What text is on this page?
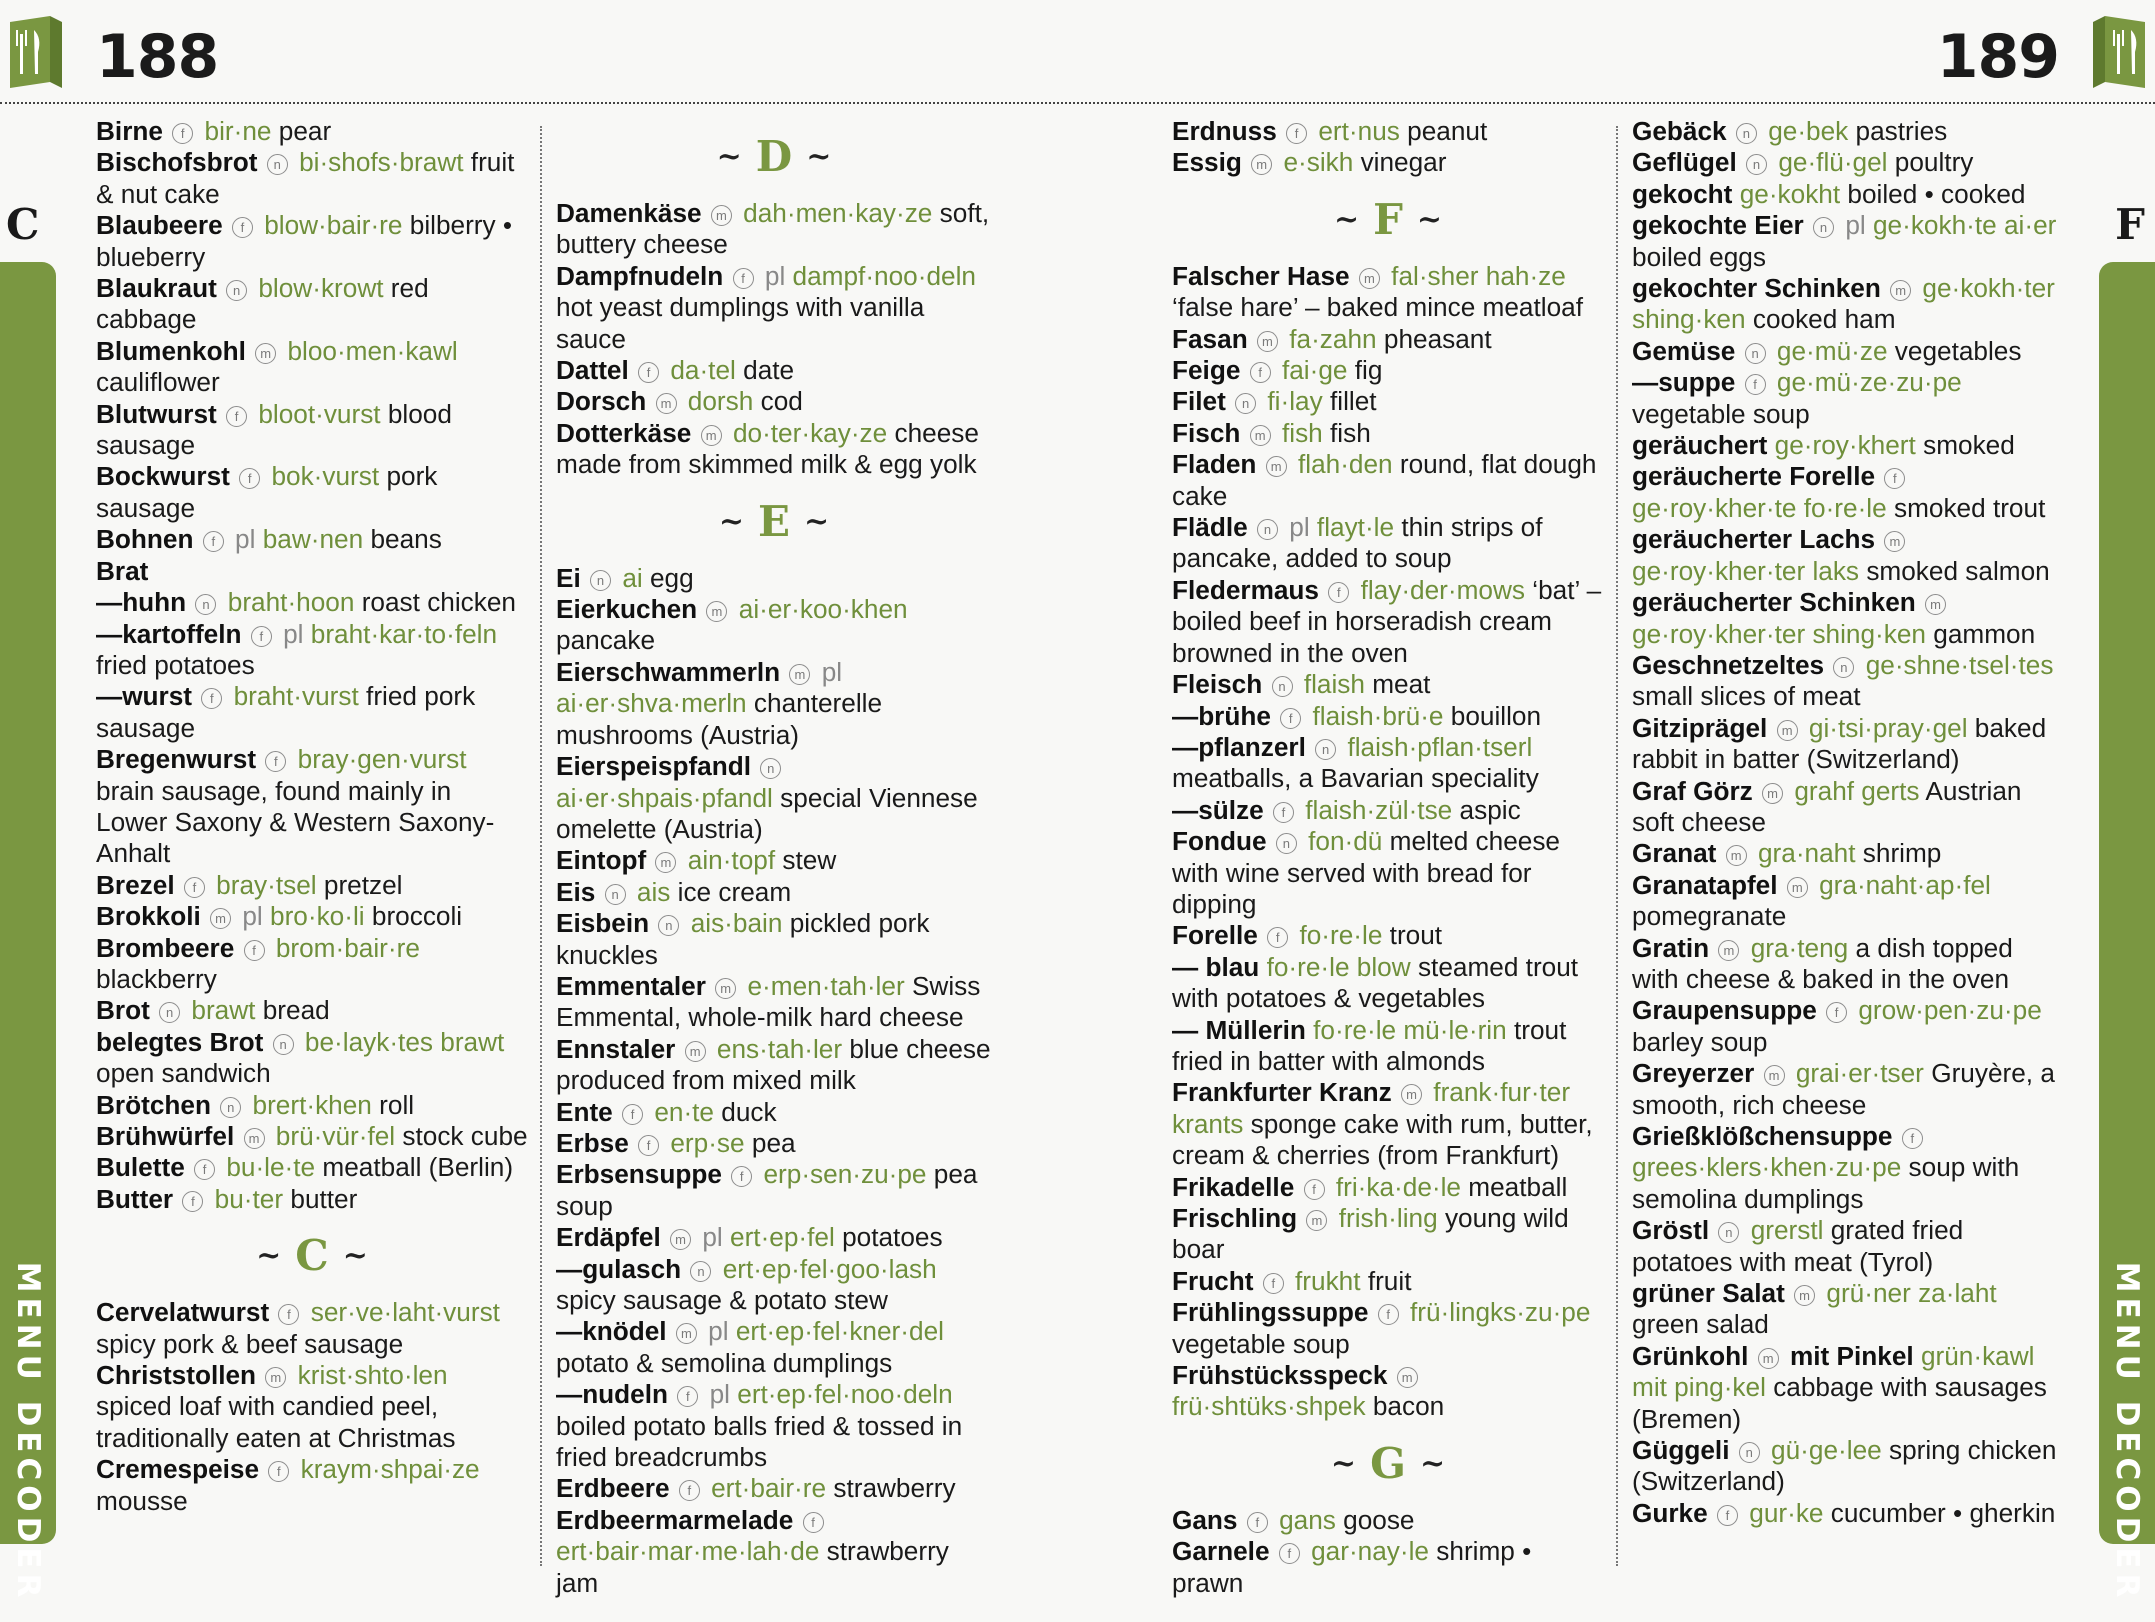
188	189
C	F
MENU DECODER	MENU DECODER

Birne f bir·ne pear

Bischofsbrot n bi·shofs·brawt fruit & nut cake

Blaubeere f blow·bair·re bilberry • blueberry

Blaukraut n blow·krowt red cabbage

Blumenkohl m bloo·men·kawl cauliflower

Blutwurst f bloot·vurst blood sausage

Bockwurst f bok·vurst pork sausage

Bohnen f pl baw·nen beans

Brat

—huhn n braht·hoon roast chicken

—kartoffeln f pl braht·kar·to·feln fried potatoes

—wurst f braht·vurst fried pork sausage

Bregenwurst f bray·gen·vurst brain sausage, found mainly in Lower Saxony & Western Saxony-Anhalt

Brezel f bray·tsel pretzel

Brokkoli m pl bro·ko·li broccoli

Brombeere f brom·bair·re blackberry

Brot n brawt bread

belegtes Brot n be·layk·tes brawt open sandwich

Brötchen n brert·khen roll

Brühwürfel m brü·vür·fel stock cube

Bulette f bu·le·te meatball (Berlin)

Butter f bu·ter butter

~ C ~

Cervelatwurst f ser·ve·laht·vurst spicy pork & beef sausage

Christstollen m krist·shto·len spiced loaf with candied peel, traditionally eaten at Christmas

Cremespeise f kraym·shpai·ze mousse

~ D ~

Damenkäse m dah·men·kay·ze soft, buttery cheese

Dampfnudeln f pl dampf·noo·deln hot yeast dumplings with vanilla sauce

Dattel f da·tel date

Dorsch m dorsh cod

Dotterkäse m do·ter·kay·ze cheese made from skimmed milk & egg yolk

~ E ~

Ei n ai egg

Eierkuchen m ai·er·koo·khen pancake

Eierschwammerln m pl ai·er·shva·merln chanterelle mushrooms (Austria)

Eierspeispfandl n ai·er·shpais·pfandl special Viennese omelette (Austria)

Eintopf m ain·topf stew

Eis n ais ice cream

Eisbein n ais·bain pickled pork knuckles

Emmentaler m e·men·tah·ler Swiss Emmental, whole-milk hard cheese

Ennstaler m ens·tah·ler blue cheese produced from mixed milk

Ente f en·te duck

Erbse f erp·se pea

Erbsensuppe f erp·sen·zu·pe pea soup

Erdäpfel m pl ert·ep·fel potatoes

—gulasch n ert·ep·fel·goo·lash spicy sausage & potato stew

—knödel m pl ert·ep·fel·kner·del potato & semolina dumplings

—nudeln f pl ert·ep·fel·noo·deln boiled potato balls fried & tossed in fried breadcrumbs

Erdbeere f ert·bair·re strawberry

Erdbeermarmelade f ert·bair·mar·me·lah·de strawberry jam

Erdnuss f ert·nus peanut

Essig m e·sikh vinegar

~ F ~

Falscher Hase m fal·sher hah·ze ‘false hare’ – baked mince meatloaf

Fasan m fa·zahn pheasant

Feige f fai·ge fig

Filet n fi·lay fillet

Fisch m fish fish

Fladen m flah·den round, flat dough cake

Flädle n pl flayt·le thin strips of pancake, added to soup

Fledermaus f flay·der·mows ‘bat’ – boiled beef in horseradish cream browned in the oven

Fleisch n flaish meat

—brühe f flaish·brü·e bouillon

—pflanzerl n flaish·pflan·tserl meatballs, a Bavarian speciality

—sülze f flaish·zül·tse aspic

Fondue n fon·dü melted cheese with wine served with bread for dipping

Forelle f fo·re·le trout

— blau fo·re·le blow steamed trout with potatoes & vegetables

— Müllerin fo·re·le mü·le·rin trout fried in batter with almonds

Frankfurter Kranz m frank·fur·ter krants sponge cake with rum, butter, cream & cherries (from Frankfurt)

Frikadelle f fri·ka·de·le meatball

Frischling m frish·ling young wild boar

Frucht f frukht fruit

Frühlingssuppe f frü·lingks·zu·pe vegetable soup

Frühstücksspeck m frü·shtüks·shpek bacon

~ G ~

Gans f gans goose

Garnele f gar·nay·le shrimp • prawn

Gebäck n ge·bek pastries

Geflügel n ge·flü·gel poultry

gekocht ge·kokht boiled • cooked

gekochte Eier n pl ge·kokh·te ai·er boiled eggs

gekochter Schinken m ge·kokh·ter shing·ken cooked ham

Gemüse n ge·mü·ze vegetables

—suppe f ge·mü·ze·zu·pe vegetable soup

geräuchert ge·roy·khert smoked

geräucherte Forelle f ge·roy·kher·te fo·re·le smoked trout

geräucherter Lachs m ge·roy·kher·ter laks smoked salmon

geräucherter Schinken m ge·roy·kher·ter shing·ken gammon

Geschnetzeltes n ge·shne·tsel·tes small slices of meat

Gitziprägel m gi·tsi·pray·gel baked rabbit in batter (Switzerland)

Graf Görz m grahf gerts Austrian soft cheese

Granat m gra·naht shrimp

Granatapfel m gra·naht·ap·fel pomegranate

Gratin m gra·teng a dish topped with cheese & baked in the oven

Graupensuppe f grow·pen·zu·pe barley soup

Greyerzer m grai·er·tser Gruyère, a smooth, rich cheese

Grießklößchensuppe f grees·klers·khen·zu·pe soup with semolina dumplings

Gröstl n grerstl grated fried potatoes with meat (Tyrol)

grüner Salat m grü·ner za·laht green salad

Grünkohl m mit Pinkel grün·kawl mit ping·kel cabbage with sausages (Bremen)

Güggeli n gü·ge·lee spring chicken (Switzerland)

Gurke f gur·ke cucumber • gherkin
